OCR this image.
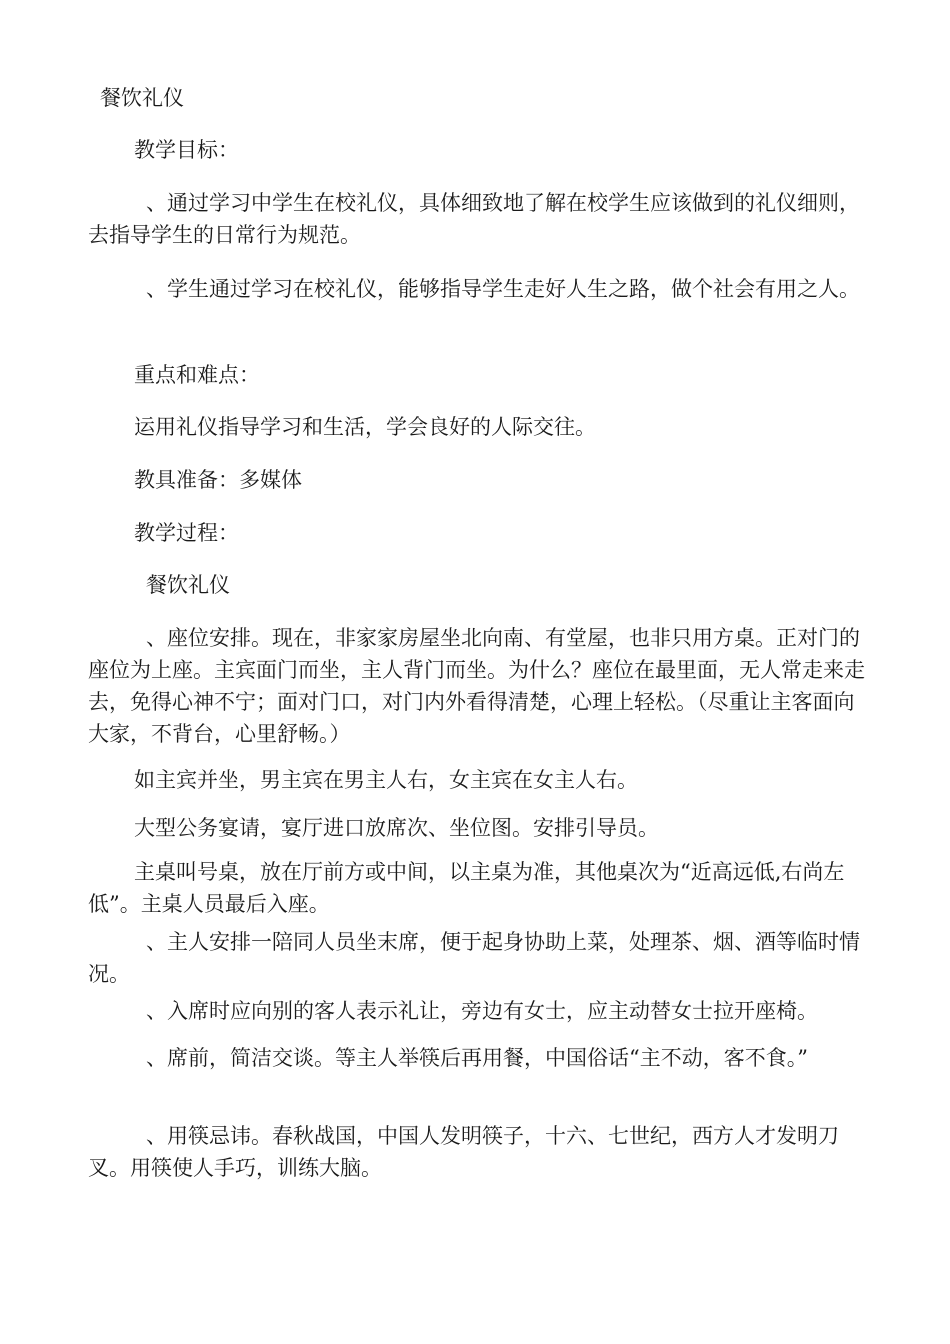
餐饮礼仪
教学目标：
、通过学习中学生在校礼仪，具体细致地了解在校学生应该做到的礼仪细则，去指导学生的日常行为规范。
、学生通过学习在校礼仪，能够指导学生走好人生之路，做个社会有用之人。
重点和难点：
运用礼仪指导学习和生活，学会良好的人际交往。
教具准备：多媒体
教学过程：
餐饮礼仪
、座位安排。现在，非家家房屋坐北向南、有堂屋，也非只用方桌。正对门的座位为上座。主宾面门而坐，主人背门而坐。为什么？座位在最里面，无人常走来走去，免得心神不宁；面对门口，对门内外看得清楚，心理上轻松。（尽重让主客面向大家，不背台，心里舒畅。）
如主宾并坐，男主宾在男主人右，女主宾在女主人右。
大型公务宴请，宴厅进口放席次、坐位图。安排引导员。
主桌叫号桌，放在厅前方或中间，以主桌为准，其他桌次为“近高远低,右尚左低”。主桌人员最后入座。
、主人安排一陪同人员坐末席，便于起身协助上菜，处理茶、烟、酒等临时情况。
、入席时应向别的客人表示礼让，旁边有女士，应主动替女士拉开座椅。
、席前，简洁交谈。等主人举筷后再用餐，中国俗话“主不动，客不食。”
、用筷忌讳。春秋战国，中国人发明筷子，十六、七世纪，西方人才发明刀叉。用筷使人手巧，训练大脑。
